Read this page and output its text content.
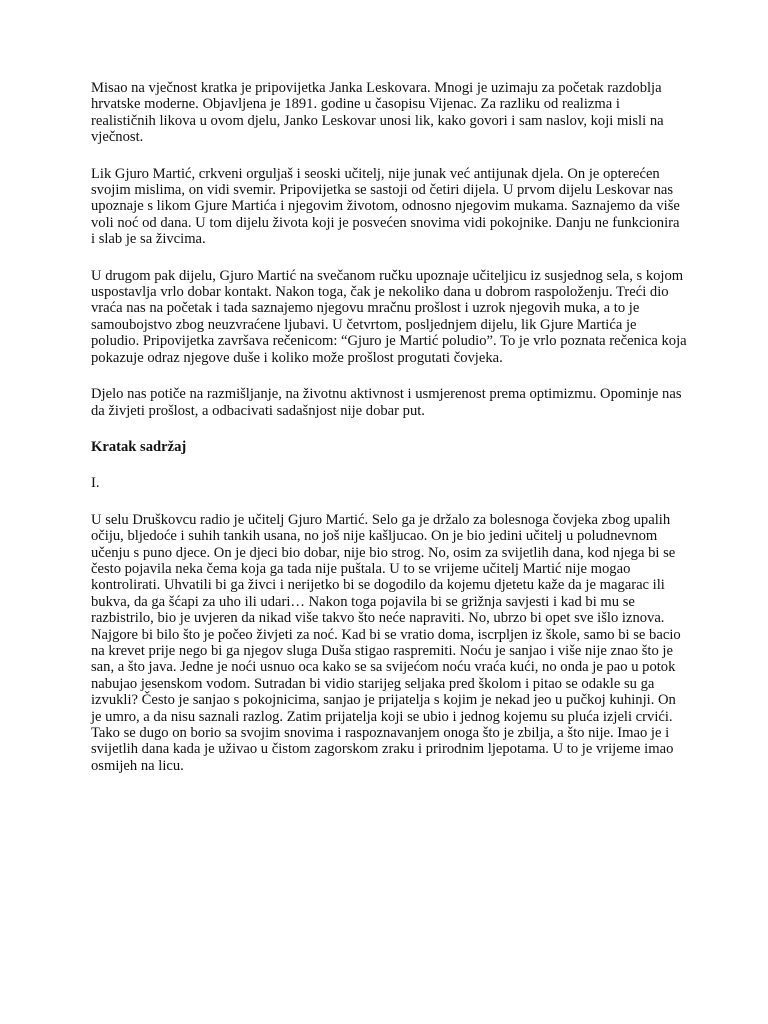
Misao na vječnost kratka je pripovijetka Janka Leskovara. Mnogi je uzimaju za početak razdoblja hrvatske moderne. Objavljena je 1891. godine u časopisu Vijenac. Za razliku od realizma i realističnih likova u ovom djelu, Janko Leskovar unosi lik, kako govori i sam naslov, koji misli na vječnost.

Lik Gjuro Martić, crkveni orguljaš i seoski učitelj, nije junak već antijunak djela. On je opterećen svojim mislima, on vidi svemir. Pripovijetka se sastoji od četiri dijela. U prvom dijelu Leskovar nas upoznaje s likom Gjure Martića i njegovim životom, odnosno njegovim mukama. Saznajemo da više voli noć od dana. U tom dijelu života koji je posvećen snovima vidi pokojnike. Danju ne funkcionira i slab je sa živcima.

U drugom pak dijelu, Gjuro Martić na svečanom ručku upoznaje učiteljicu iz susjednog sela, s kojom uspostavlja vrlo dobar kontakt. Nakon toga, čak je nekoliko dana u dobrom raspoloženju. Treći dio vraća nas na početak i tada saznajemo njegovu mračnu prošlost i uzrok njegovih muka, a to je samoubojstvo zbog neuzvraćene ljubavi. U četvrtom, posljednjem dijelu, lik Gjure Martića je poludio. Pripovijetka završava rečenicom: “Gjuro je Martić poludio”. To je vrlo poznata rečenica koja pokazuje odraz njegove duše i koliko može prošlost progutati čovjeka.

Djelo nas potiče na razmišljanje, na životnu aktivnost i usmjerenost prema optimizmu. Opominje nas da živjeti prošlost, a odbacivati sadašnjost nije dobar put.

Kratak sadržaj

I.

U selu Druškovcu radio je učitelj Gjuro Martić. Selo ga je držalo za bolesnoga čovjeka zbog upalih očiju, bljedoće i suhih tankih usana, no još nije kašljucao. On je bio jedini učitelj u poludnevnom učenju s puno djece. On je djeci bio dobar, nije bio strog. No, osim za svijetlih dana, kod njega bi se često pojavila neka čema koja ga tada nije puštala. U to se vrijeme učitelj Martić nije mogao kontrolirati. Uhvatili bi ga živci i nerijetko bi se dogodilo da kojemu djetetu kaže da je magarac ili bukva, da ga šćapi za uho ili udari… Nakon toga pojavila bi se grižnja savjesti i kad bi mu se razbistrilo, bio je uvjeren da nikad više takvo što neće napraviti. No, ubrzo bi opet sve išlo iznova. Najgore bi bilo što je počeo živjeti za noć. Kad bi se vratio doma, iscrpljen iz škole, samo bi se bacio na krevet prije nego bi ga njegov sluga Duša stigao raspremiti. Noću je sanjao i više nije znao što je san, a što java. Jedne je noći usnuo oca kako se sa svijećom noću vraća kući, no onda je pao u potok nabujao jesenskom vodom. Sutradan bi vidio starijeg seljaka pred školom i pitao se odakle su ga izvukli? Često je sanjao s pokojnicima, sanjao je prijatelja s kojim je nekad jeo u pučkoj kuhinji. On je umro, a da nisu saznali razlog. Zatim prijatelja koji se ubio i jednog kojemu su pluća izjeli crvići. Tako se dugo on borio sa svojim snovima i raspoznavanjem onoga što je zbilja, a što nije. Imao je i svijetlih dana kada je uživao u čistom zagorskom zraku i prirodnim ljepotama. U to je vrijeme imao osmijeh na licu.
